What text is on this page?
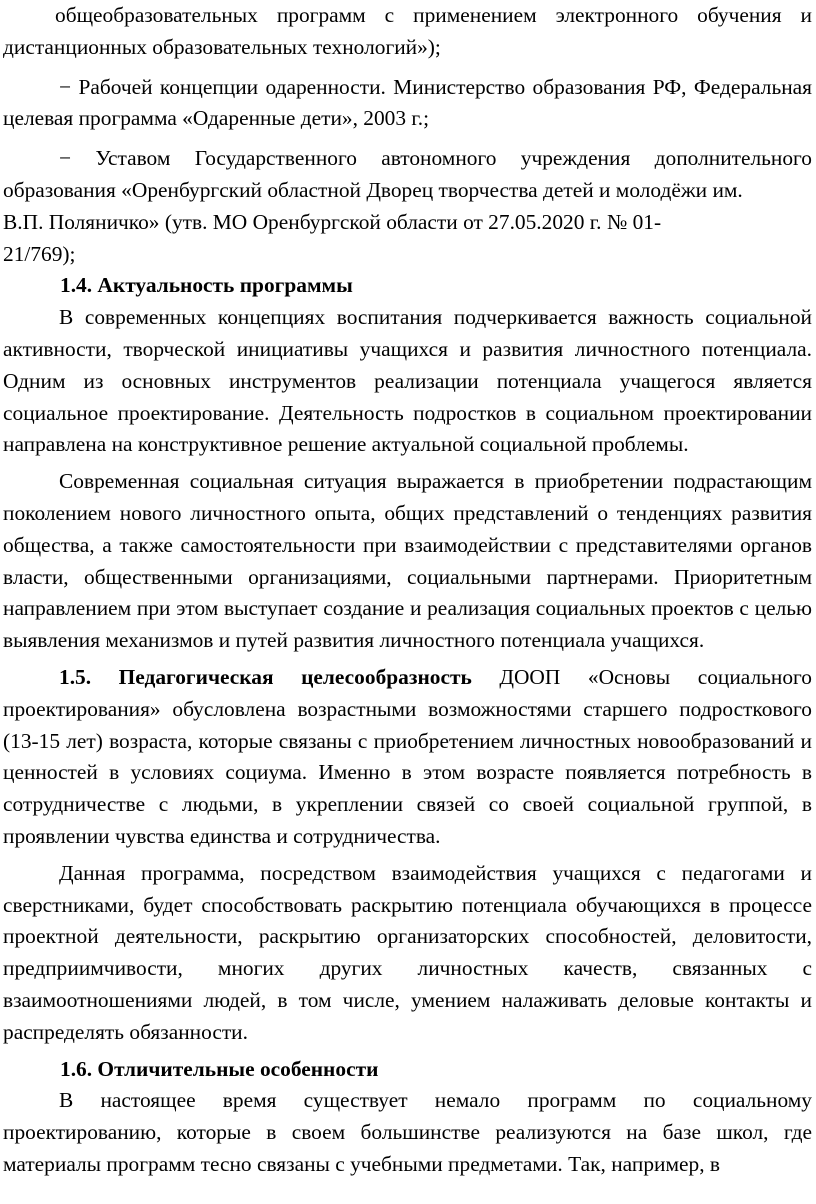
общеобразовательных программ с применением электронного обучения и дистанционных образовательных технологий»);

− Рабочей концепции одаренности. Министерство образования РФ, Федеральная целевая программа «Одаренные дети», 2003 г.;

− Уставом Государственного автономного учреждения дополнительного образования «Оренбургский областной Дворец творчества детей и молодёжи им.

В.П. Поляничко» (утв. МО Оренбургской области от 27.05.2020 г. № 01-

21/769);

1.4. Актуальность программы

В современных концепциях воспитания подчеркивается важность социальной активности, творческой инициативы учащихся и развития личностного потенциала. Одним из основных инструментов реализации потенциала учащегося является социальное проектирование. Деятельность подростков в социальном проектировании направлена на конструктивное решение актуальной социальной проблемы.

Современная социальная ситуация выражается в приобретении подрастающим поколением нового личностного опыта, общих представлений о тенденциях развития общества, а также самостоятельности при взаимодействии с представителями органов власти, общественными организациями, социальными партнерами. Приоритетным направлением при этом выступает создание и реализация социальных проектов с целью выявления механизмов и путей развития личностного потенциала учащихся.

1.5. Педагогическая целесообразность ДООП «Основы социального проектирования» обусловлена возрастными возможностями старшего подросткового (13-15 лет) возраста, которые связаны с приобретением личностных новообразований и ценностей в условиях социума. Именно в этом возрасте появляется потребность в сотрудничестве с людьми, в укреплении связей со своей социальной группой, в проявлении чувства единства и сотрудничества.

Данная программа, посредством взаимодействия учащихся с педагогами и сверстниками, будет способствовать раскрытию потенциала обучающихся в процессе проектной деятельности, раскрытию организаторских способностей, деловитости, предприимчивости, многих других личностных качеств, связанных с взаимоотношениями людей, в том числе, умением налаживать деловые контакты и распределять обязанности.

1.6. Отличительные особенности

В настоящее время существует немало программ по социальному проектированию, которые в своем большинстве реализуются на базе школ, где материалы программ тесно связаны с учебными предметами. Так, например, в
